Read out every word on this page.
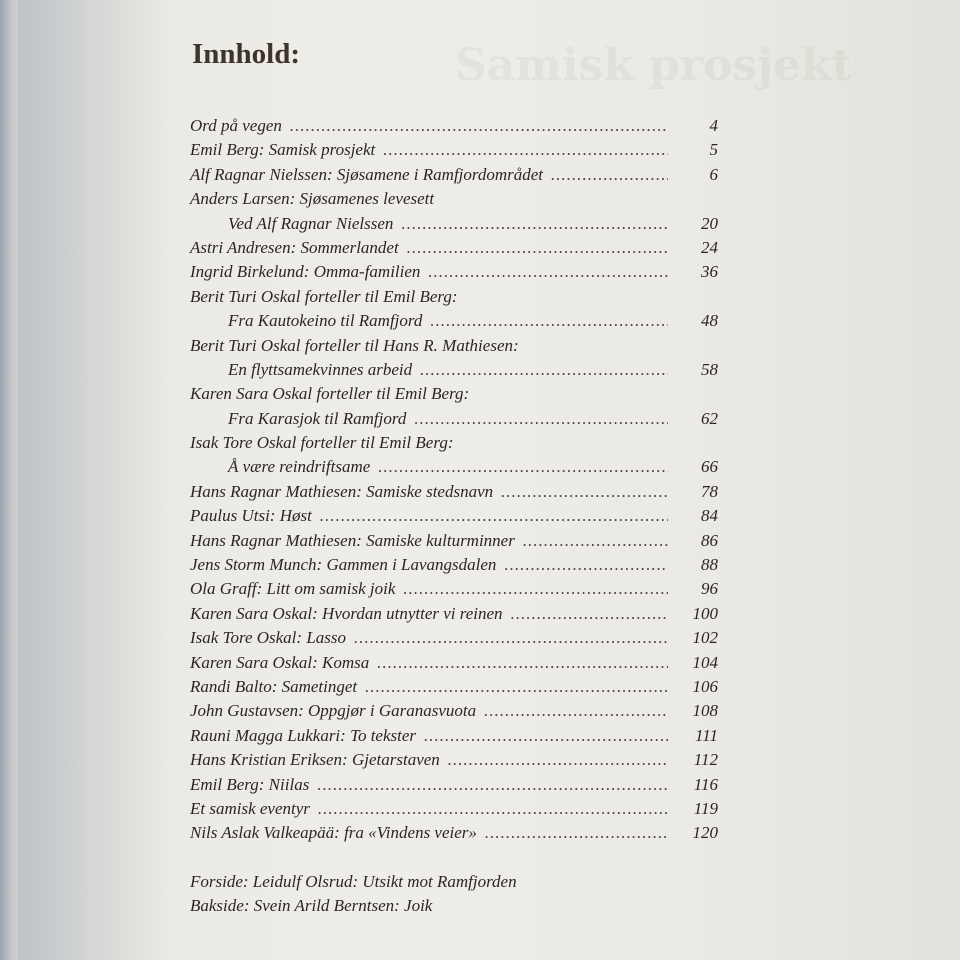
Samisk prosjekt
Innhold:
Ord på vegen .....	4
Emil Berg: Samisk prosjekt .....	5
Alf Ragnar Nielssen: Sjøsamene i Ramfjordområdet .....	6
Anders Larsen: Sjøsamenes levesett
Ved Alf Ragnar Nielssen .....	20
Astri Andresen: Sommerlandet .....	24
Ingrid Birkelund: Omma-familien .....	36
Berit Turi Oskal forteller til Emil Berg:
Fra Kautokeino til Ramfjord .....	48
Berit Turi Oskal forteller til Hans R. Mathiesen:
En flyttsamekvinnes arbeid .....	58
Karen Sara Oskal forteller til Emil Berg:
Fra Karasjok til Ramfjord .....	62
Isak Tore Oskal forteller til Emil Berg:
Å være reindriftsame .....	66
Hans Ragnar Mathiesen: Samiske stedsnavn .....	78
Paulus Utsi: Høst .....	84
Hans Ragnar Mathiesen: Samiske kulturminner .....	86
Jens Storm Munch: Gammen i Lavangsdalen .....	88
Ola Graff: Litt om samisk joik .....	96
Karen Sara Oskal: Hvordan utnytter vi reinen .....	100
Isak Tore Oskal: Lasso .....	102
Karen Sara Oskal: Komsa .....	104
Randi Balto: Sametinget .....	106
John Gustavsen: Oppgjør i Garanasvuota .....	108
Rauni Magga Lukkari: To tekster .....	111
Hans Kristian Eriksen: Gjetarstaven .....	112
Emil Berg: Niilas .....	116
Et samisk eventyr .....	119
Nils Aslak Valkeapää: fra «Vindens veier» .....	120
Forside: Leidulf Olsrud: Utsikt mot Ramfjorden
Bakside: Svein Arild Berntsen: Joik
